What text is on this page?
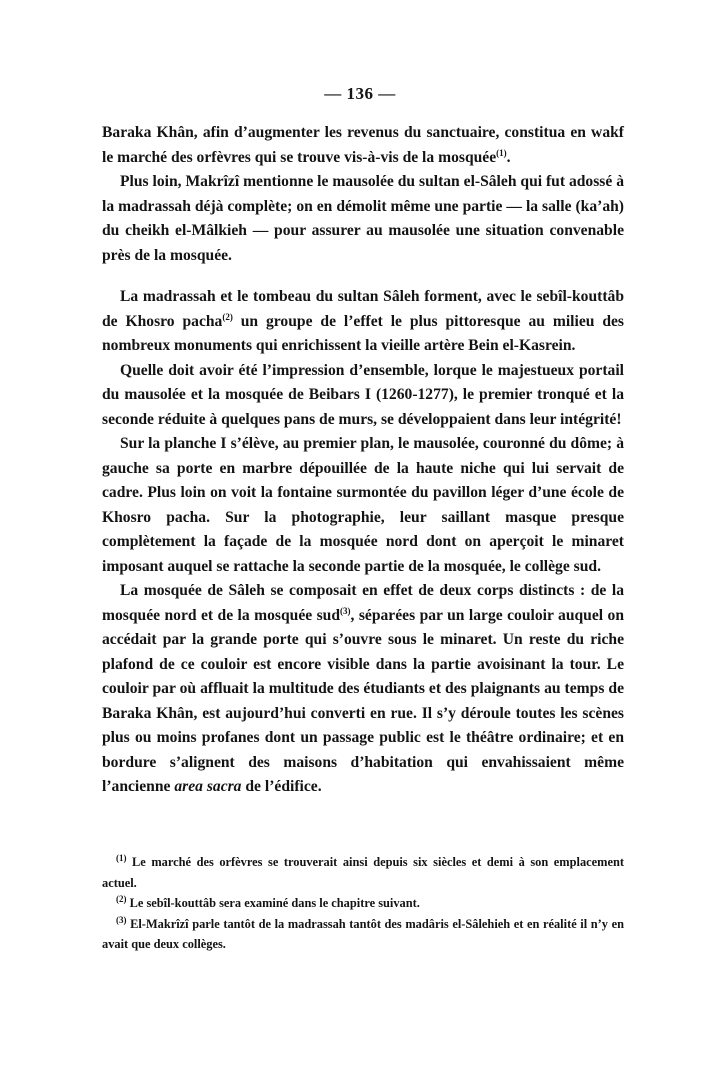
— 136 —

Baraka Khân, afin d’augmenter les revenus du sanctuaire, constitua en wakf le marché des orfèvres qui se trouve vis-à-vis de la mosquée$^{(1)}$.

Plus loin, Makrîzî mentionne le mausolée du sultan el-Sâleh qui fut adossé à la madrassah déjà complète; on en démolit même une partie — la salle (ka’ah) du cheikh el-Mâlkieh — pour assurer au mausolée une situation convenable près de la mosquée.

La madrassah et le tombeau du sultan Sâleh forment, avec le sebîl-kouttâb de Khosro pacha$^{(2)}$ un groupe de l’effet le plus pittoresque au milieu des nombreux monuments qui enrichissent la vieille artère Bein el-Kasrein.

Quelle doit avoir été l’impression d’ensemble, lorque le majestueux portail du mausolée et la mosquée de Beibars I (1260-1277), le premier tronqué et la seconde réduite à quelques pans de murs, se développaient dans leur intégrité!

Sur la planche I s’élève, au premier plan, le mausolée, couronné du dôme; à gauche sa porte en marbre dépouillée de la haute niche qui lui servait de cadre. Plus loin on voit la fontaine surmontée du pavillon léger d’une école de Khosro pacha. Sur la photographie, leur saillant masque presque complètement la façade de la mosquée nord dont on aperçoit le minaret imposant auquel se rattache la seconde partie de la mosquée, le collège sud.

La mosquée de Sâleh se composait en effet de deux corps distincts : de la mosquée nord et de la mosquée sud$^{(3)}$, séparées par un large couloir auquel on accédait par la grande porte qui s’ouvre sous le minaret. Un reste du riche plafond de ce couloir est encore visible dans la partie avoisinant la tour. Le couloir par où affluait la multitude des étudiants et des plaignants au temps de Baraka Khân, est aujourd’hui converti en rue. Il s’y déroule toutes les scènes plus ou moins profanes dont un passage public est le théâtre ordinaire; et en bordure s’alignent des maisons d’habitation qui envahissaient même l’ancienne area sacra de l’édifice.

$^{(1)}$ Le marché des orfèvres se trouverait ainsi depuis six siècles et demi à son emplacement actuel.

$^{(2)}$ Le sebîl-kouttâb sera examiné dans le chapitre suivant.

$^{(3)}$ El-Makrîzî parle tantôt de la madrassah tantôt des madâris el-Sâlehieh et en réalité il n’y en avait que deux collèges.
